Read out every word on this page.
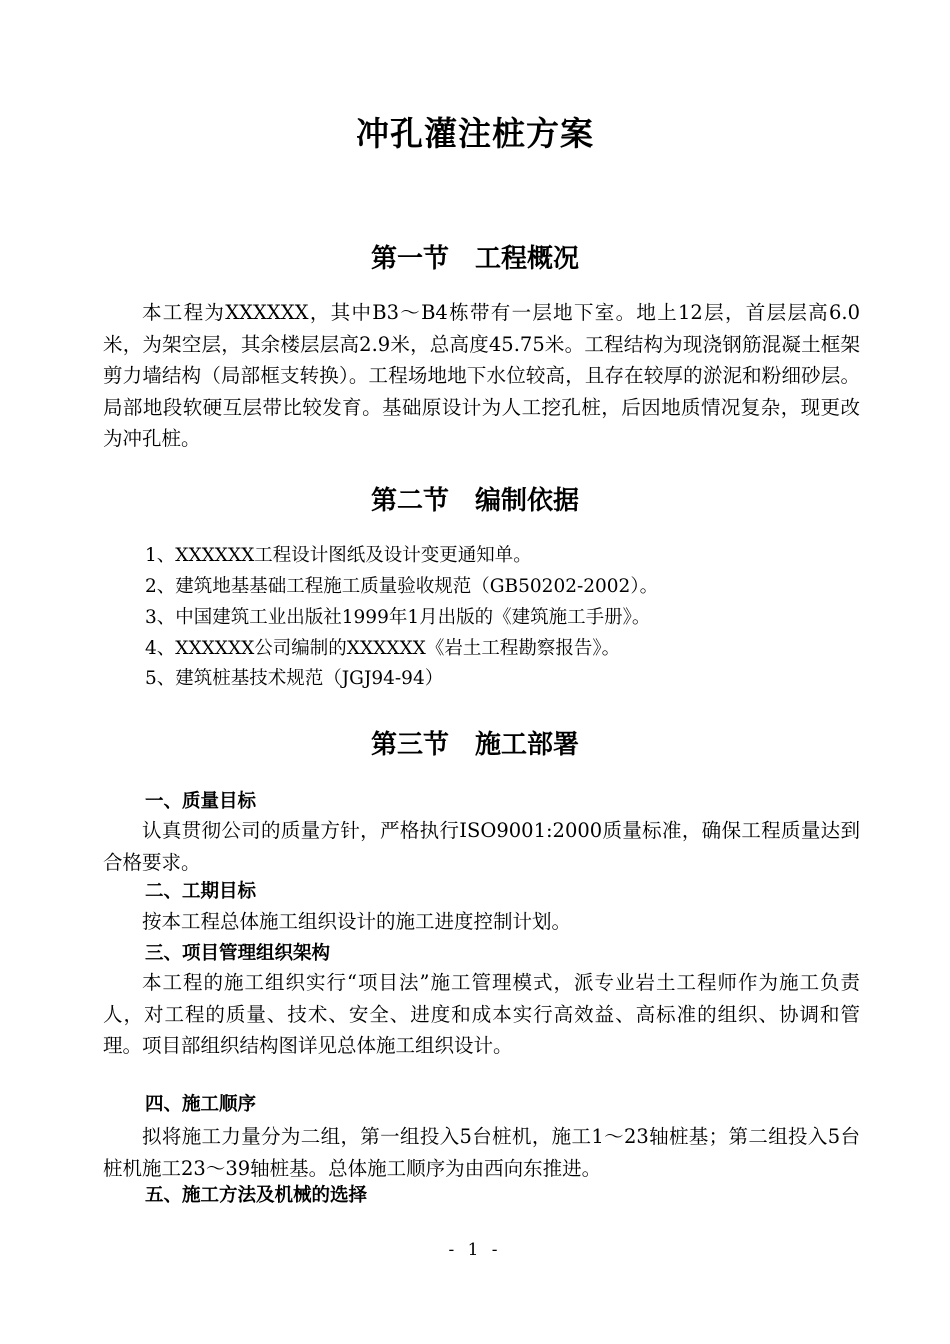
冲孔灌注桩方案
第一节　工程概况

本工程为XXXXXX，其中B3～B4栋带有一层地下室。地上12层，首层层高6.0米，为架空层，其余楼层层高2.9米，总高度45.75米。工程结构为现浇钢筋混凝土框架剪力墙结构（局部框支转换）。工程场地地下水位较高，且存在较厚的淤泥和粉细砂层。局部地段软硬互层带比较发育。基础原设计为人工挖孔桩，后因地质情况复杂，现更改为冲孔桩。

第二节　编制依据
1、XXXXXX工程设计图纸及设计变更通知单。
2、建筑地基基础工程施工质量验收规范（GB50202-2002）。
3、中国建筑工业出版社1999年1月出版的《建筑施工手册》。
4、XXXXXX公司编制的XXXXXX《岩土工程勘察报告》。
5、建筑桩基技术规范（JGJ94-94）
第三节　施工部署
一、质量目标

认真贯彻公司的质量方针，严格执行ISO9001:2000质量标准，确保工程质量达到合格要求。

二、工期目标

按本工程总体施工组织设计的施工进度控制计划。

三、项目管理组织架构

本工程的施工组织实行“项目法”施工管理模式，派专业岩土工程师作为施工负责人，对工程的质量、技术、安全、进度和成本实行高效益、高标准的组织、协调和管理。项目部组织结构图详见总体施工组织设计。

四、施工顺序

拟将施工力量分为二组，第一组投入5台桩机，施工1～23轴桩基；第二组投入5台桩机施工23～39轴桩基。总体施工顺序为由西向东推进。

五、施工方法及机械的选择
- 1 -
